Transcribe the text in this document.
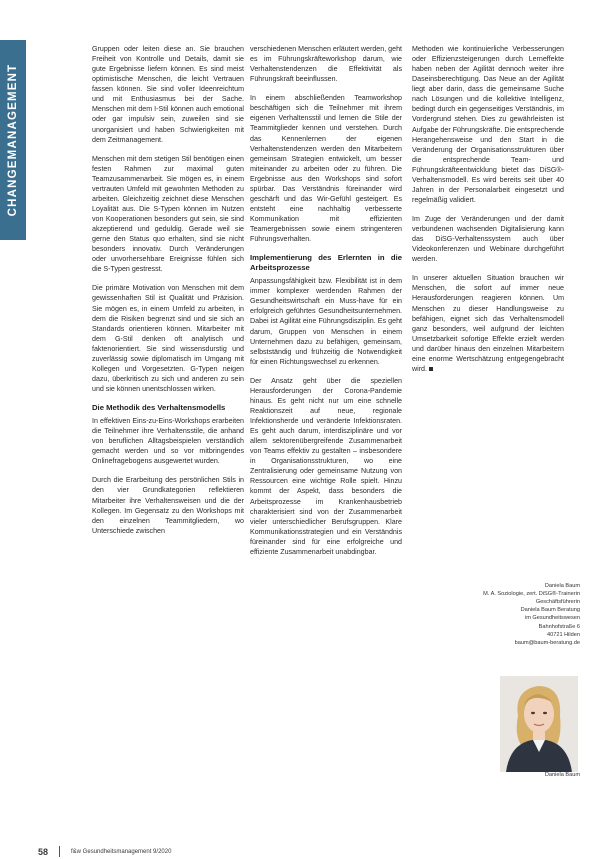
CHANGEMANAGEMENT

Gruppen oder leiten diese an. Sie brauchen Freiheit von Kontrolle und Details, damit sie gute Ergebnisse liefern können. Es sind meist optimistische Menschen, die leicht Vertrauen fassen können. Sie sind voller Ideenreichtum und mit Enthusiasmus bei der Sache. Menschen mit dem I-Stil können auch emotional oder gar impulsiv sein, zuweilen sind sie unorganisiert und haben Schwierigkeiten mit dem Zeitmanagement.

Menschen mit dem stetigen Stil benötigen einen festen Rahmen zur maximal guten Teamzusammenarbeit. Sie mögen es, in einem vertrauten Umfeld mit gewohnten Methoden zu arbeiten. Gleichzeitig zeichnet diese Menschen Loyalität aus. Die S-Typen können im Nutzen von Kooperationen besonders gut sein, sie sind akzeptierend und geduldig. Gerade weil sie gerne den Status quo erhalten, sind sie nicht besonders innovativ. Durch Veränderungen oder unvorhersehbare Ereignisse fühlen sich die S-Typen gestresst.

Die primäre Motivation von Menschen mit dem gewissenhaften Stil ist Qualität und Präzision. Sie mögen es, in einem Umfeld zu arbeiten, in dem die Risiken begrenzt sind und sie sich an Standards orientieren können. Mitarbeiter mit dem G-Stil denken oft analytisch und faktenorientiert. Sie sind wissensdurstig und zuverlässig sowie diplomatisch im Umgang mit Kollegen und Vorgesetzten. G-Typen neigen dazu, überkritisch zu sich und anderen zu sein und sie können unentschlossen wirken.

Die Methodik des Verhaltensmodells

In effektiven Eins-zu-Eins-Workshops erarbeiten die Teilnehmer ihre Verhaltensstile, die anhand von beruflichen Alltagsbeispielen verständlich gemacht werden und so vor mitbringendes Onlinefragebogens ausgewertet wurden.

Durch die Erarbeitung des persönlichen Stils in den vier Grundkategorien reflektieren Mitarbeiter ihre Verhaltensweisen und die der Kollegen. Im Gegensatz zu den Workshops mit den einzelnen Teammitgliedern, wo Unterschiede zwischen

verschiedenen Menschen erläutert werden, geht es im Führungskräfteworkshop darum, wie Verhaltenstendenzen die Effektivität als Führungskraft beeinflussen.

In einem abschließenden Teamworkshop beschäftigen sich die Teilnehmer mit ihrem eigenen Verhaltensstil und lernen die Stile der Teammitglieder kennen und verstehen. Durch das Kennenlernen der eigenen Verhaltenstendenzen werden den Mitarbeitern gemeinsam Strategien entwickelt, um besser miteinander zu arbeiten oder zu führen. Die Ergebnisse aus den Workshops sind sofort spürbar. Das Verständnis füreinander wird geschärft und das Wir-Gefühl gesteigert. Es entsteht eine nachhaltig verbesserte Kommunikation mit effizienten Teamergebnissen sowie einem stringenteren Führungsverhalten.

Implementierung des Erlernten in die Arbeitsprozesse

Anpassungsfähigkeit bzw. Flexibilität ist in dem immer komplexer werdenden Rahmen der Gesundheitswirtschaft ein Muss-have für ein erfolgreich geführtes Gesundheitsunternehmen. Dabei ist Agilität eine Führungsdisziplin. Es geht darum, Gruppen von Menschen in einem Unternehmen dazu zu befähigen, gemeinsam, selbstständig und frühzeitig die Notwendigkeit für einen Richtungswechsel zu erkennen.

Der Ansatz geht über die speziellen Herausforderungen der Corona-Pandemie hinaus. Es geht nicht nur um eine schnelle Reaktionszeit auf neue, regionale Infektionsherde und veränderte Infektionsraten. Es geht auch darum, interdisziplinäre und vor allem sektorenübergreifende Zusammenarbeit von Teams effektiv zu gestalten – insbesondere in Organisationsstrukturen, wo eine Zentralisierung oder gemeinsame Nutzung von Ressourcen eine wichtige Rolle spielt. Hinzu kommt der Aspekt, dass besonders die Arbeitsprozesse im Krankenhausbetrieb charakterisiert sind von der Zusammenarbeit vieler unterschiedlicher Berufsgruppen. Klare Kommunikationsstrategien und ein Verständnis füreinander sind für eine erfolgreiche und effiziente Zusammenarbeit unabdingbar.

Methoden wie kontinuierliche Verbesserungen oder Effizienzsteigerungen durch Lerneffekte haben neben der Agilität dennoch weiter ihre Daseinsberechtigung. Das Neue an der Agilität liegt aber darin, dass die gemeinsame Suche nach Lösungen und die kollektive Intelligenz, bedingt durch ein gegenseitiges Verständnis, im Vordergrund stehen. Dies zu gewährleisten ist Aufgabe der Führungskräfte. Die entsprechende Herangehensweise und den Start in die Veränderung der Organisationsstrukturen über die entsprechende Team- und Führungskräfteentwicklung bietet das DiSG®-Verhaltensmodell. Es wird bereits seit über 40 Jahren in der Personalarbeit eingesetzt und regelmäßig validiert.

Im Zuge der Veränderungen und der damit verbundenen wachsenden Digitalisierung kann das DiSG-Verhaltenssystem auch über Videokonferenzen und Webinare durchgeführt werden.

In unserer aktuellen Situation brauchen wir Menschen, die sofort auf immer neue Herausforderungen reagieren können. Um Menschen zu dieser Handlungsweise zu befähigen, eignet sich das Verhaltensmodell ganz besonders, weil aufgrund der leichten Umsetzbarkeit sofortige Effekte erzielt werden und darüber hinaus den einzelnen Mitarbeitern eine enorme Wertschätzung entgegengebracht wird.

Daniela Baum
M. A. Soziologie, zert. DiSG®-Trainerin
Geschäftsführerin
Daniela Baum Beratung
im Gesundheitswesen
Bahnhofstraße 6
40721 Hilden
baum@baum-beratung.de
Daniela Baum
58	f&w Gesundheitsmanagement 9/2020
